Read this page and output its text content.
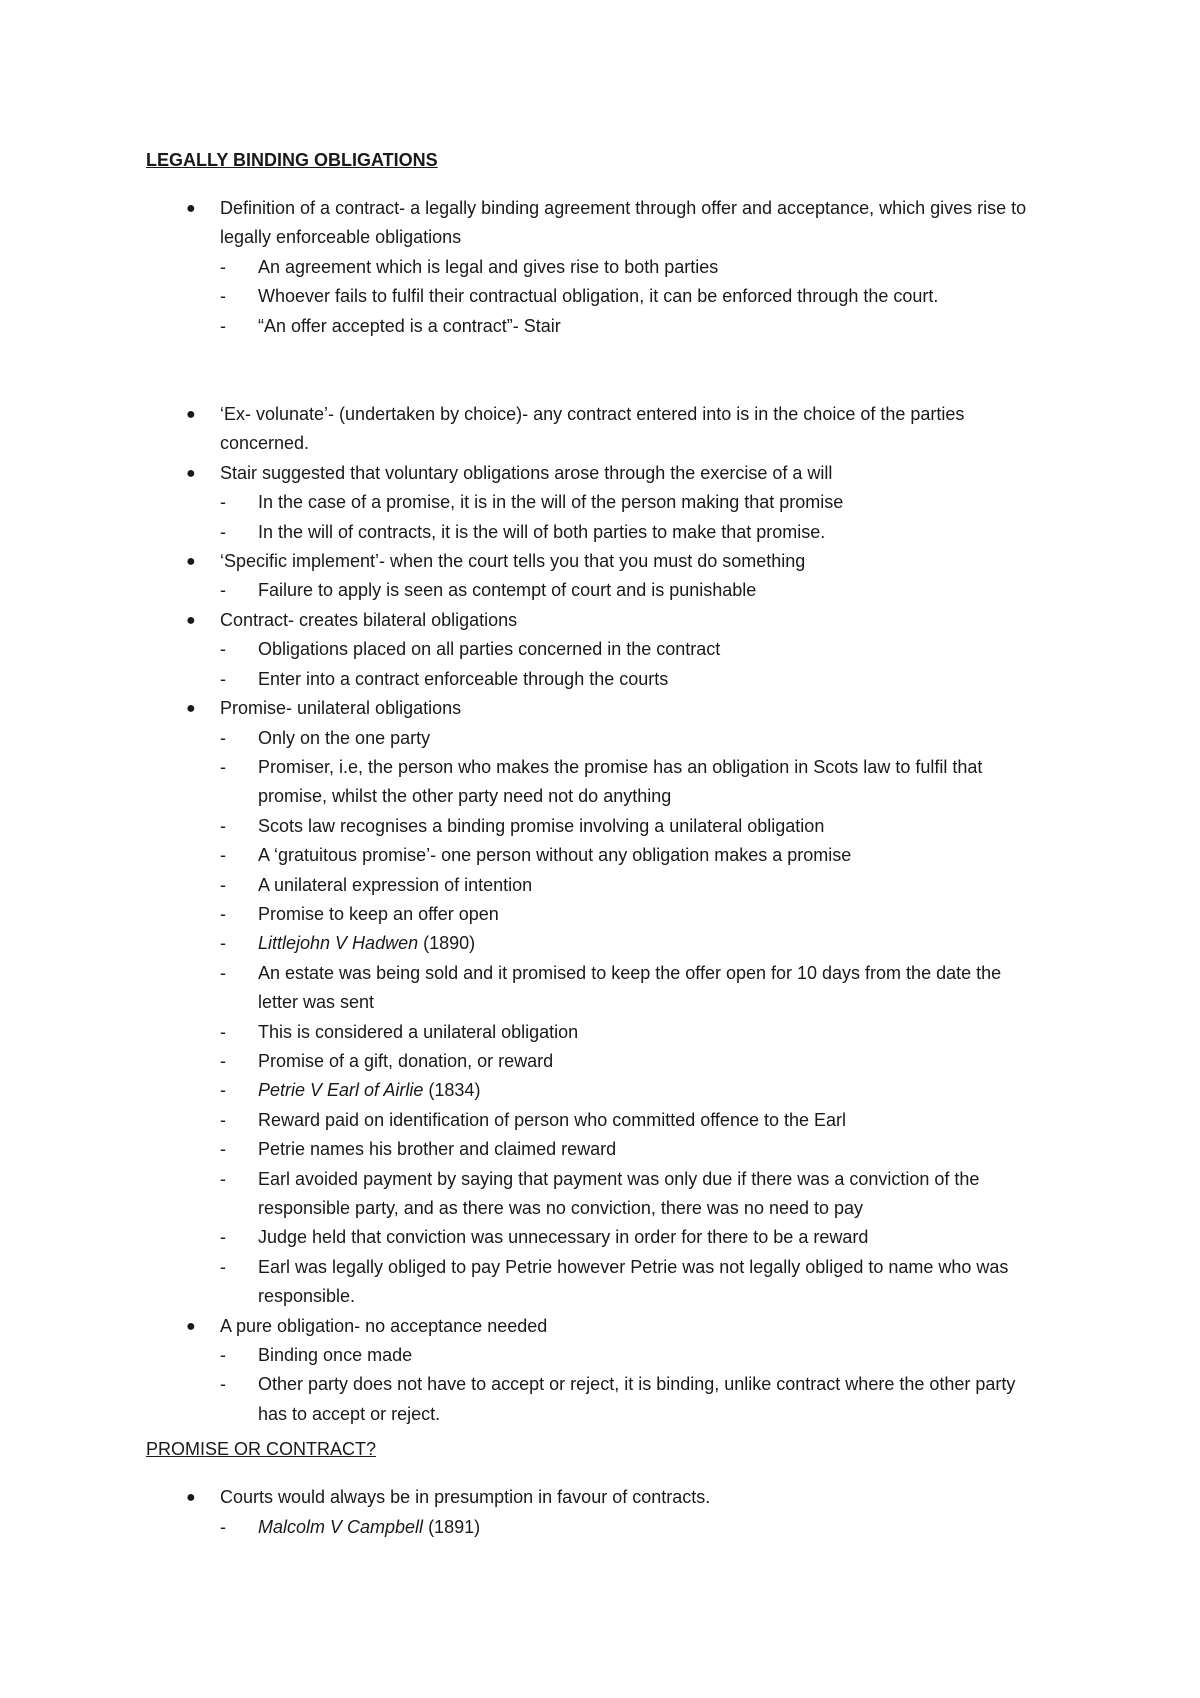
LEGALLY BINDING OBLIGATIONS
● Definition of a contract- a legally binding agreement through offer and acceptance, which gives rise to legally enforceable obligations
- An agreement which is legal and gives rise to both parties
- Whoever fails to fulfil their contractual obligation, it can be enforced through the court.
- “An offer accepted is a contract”- Stair
● ‘Ex- volunate’- (undertaken by choice)- any contract entered into is in the choice of the parties concerned.
● Stair suggested that voluntary obligations arose through the exercise of a will
- In the case of a promise, it is in the will of the person making that promise
- In the will of contracts, it is the will of both parties to make that promise.
● ‘Specific implement’- when the court tells you that you must do something
- Failure to apply is seen as contempt of court and is punishable
● Contract- creates bilateral obligations
- Obligations placed on all parties concerned in the contract
- Enter into a contract enforceable through the courts
● Promise- unilateral obligations
- Only on the one party
- Promiser, i.e, the person who makes the promise has an obligation in Scots law to fulfil that promise, whilst the other party need not do anything
- Scots law recognises a binding promise involving a unilateral obligation
- A ‘gratuitous promise’- one person without any obligation makes a promise
- A unilateral expression of intention
- Promise to keep an offer open
- Littlejohn V Hadwen (1890)
- An estate was being sold and it promised to keep the offer open for 10 days from the date the letter was sent
- This is considered a unilateral obligation
- Promise of a gift, donation, or reward
- Petrie V Earl of Airlie (1834)
- Reward paid on identification of person who committed offence to the Earl
- Petrie names his brother and claimed reward
- Earl avoided payment by saying that payment was only due if there was a conviction of the responsible party, and as there was no conviction, there was no need to pay
- Judge held that conviction was unnecessary in order for there to be a reward
- Earl was legally obliged to pay Petrie however Petrie was not legally obliged to name who was responsible.
● A pure obligation- no acceptance needed
- Binding once made
- Other party does not have to accept or reject, it is binding, unlike contract where the other party has to accept or reject.
PROMISE OR CONTRACT?
● Courts would always be in presumption in favour of contracts.
- Malcolm V Campbell (1891)
